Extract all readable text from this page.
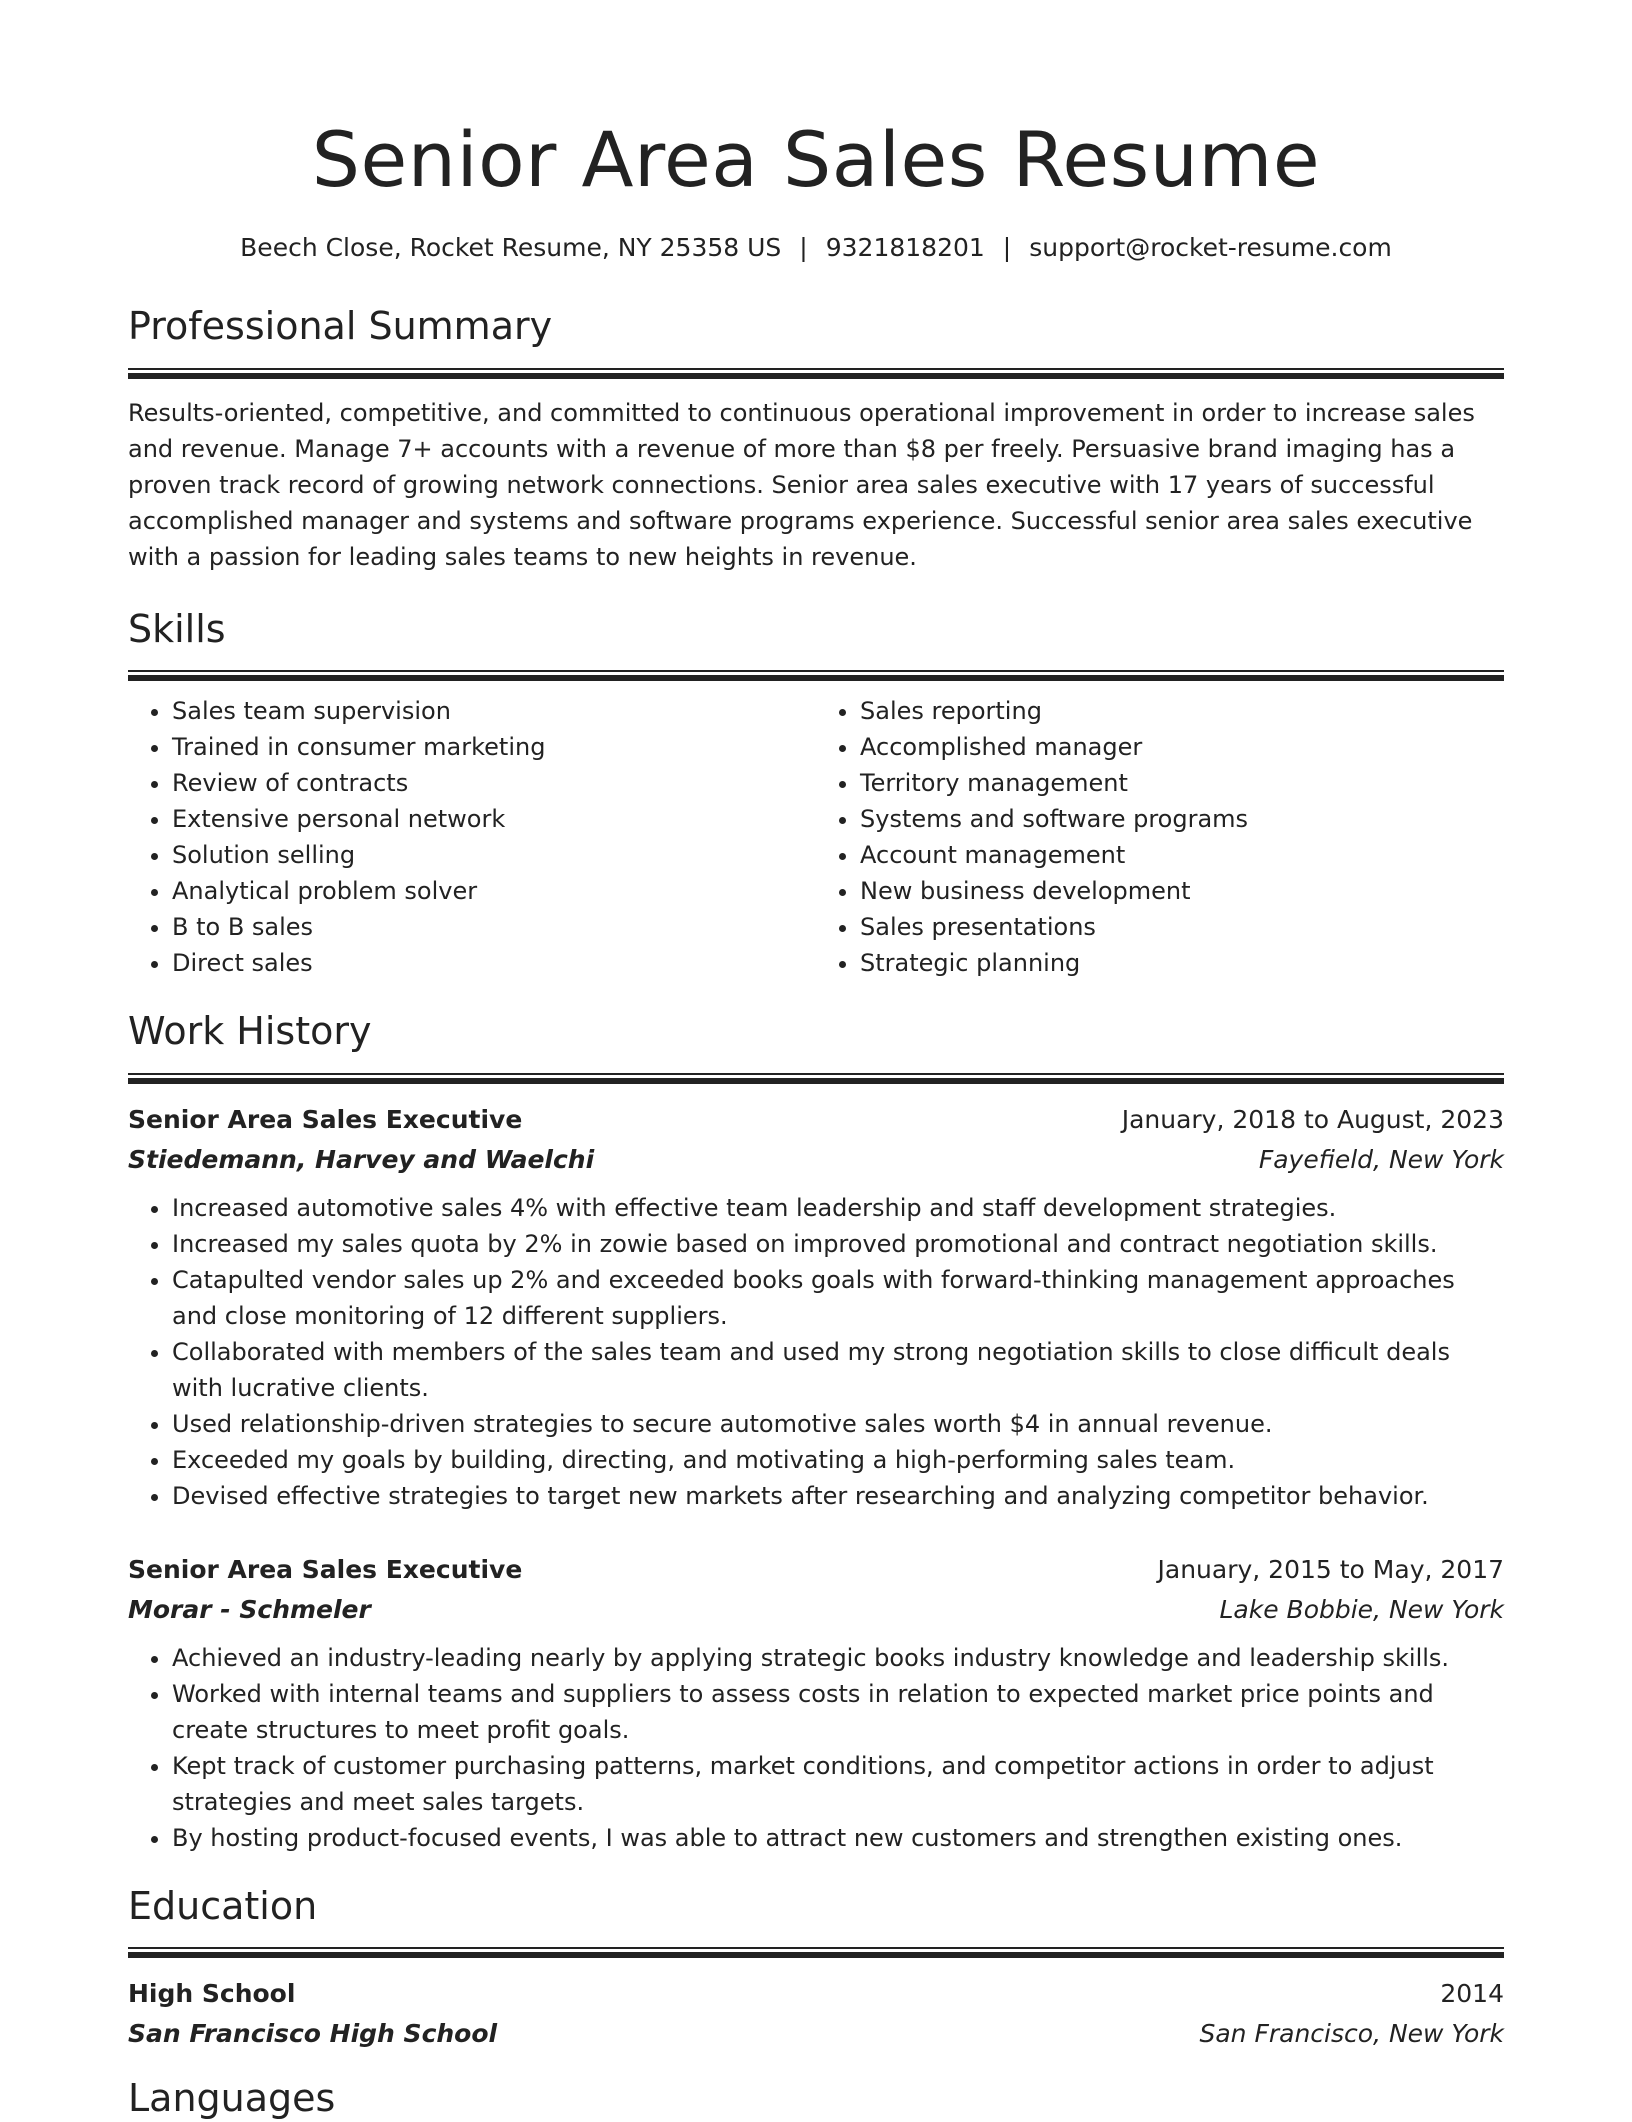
Senior Area Sales Resume
Beech Close, Rocket Resume, NY 25358 US | 9321818201 | support@rocket-resume.com
Professional Summary

Results-oriented, competitive, and committed to continuous operational improvement in order to increase sales and revenue. Manage 7+ accounts with a revenue of more than $8 per freely. Persuasive brand imaging has a proven track record of growing network connections. Senior area sales executive with 17 years of successful accomplished manager and systems and software programs experience. Successful senior area sales executive with a passion for leading sales teams to new heights in revenue.

Skills
• Sales team supervision
• Trained in consumer marketing
• Review of contracts
• Extensive personal network
• Solution selling
• Analytical problem solver
• B to B sales
• Direct sales
• Sales reporting
• Accomplished manager
• Territory management
• Systems and software programs
• Account management
• New business development
• Sales presentations
• Strategic planning
Work History
Senior Area Sales Executive	January, 2018 to August, 2023
Stiedemann, Harvey and Waelchi	Fayefield, New York
• Increased automotive sales 4% with effective team leadership and staff development strategies.
• Increased my sales quota by 2% in zowie based on improved promotional and contract negotiation skills.
• Catapulted vendor sales up 2% and exceeded books goals with forward-thinking management approaches and close monitoring of 12 different suppliers.
• Collaborated with members of the sales team and used my strong negotiation skills to close difficult deals with lucrative clients.
• Used relationship-driven strategies to secure automotive sales worth $4 in annual revenue.
• Exceeded my goals by building, directing, and motivating a high-performing sales team.
• Devised effective strategies to target new markets after researching and analyzing competitor behavior.
Senior Area Sales Executive	January, 2015 to May, 2017
Morar - Schmeler	Lake Bobbie, New York
• Achieved an industry-leading nearly by applying strategic books industry knowledge and leadership skills.
• Worked with internal teams and suppliers to assess costs in relation to expected market price points and create structures to meet profit goals.
• Kept track of customer purchasing patterns, market conditions, and competitor actions in order to adjust strategies and meet sales targets.
• By hosting product-focused events, I was able to attract new customers and strengthen existing ones.
Education
High School	2014
San Francisco High School	San Francisco, New York
Languages
